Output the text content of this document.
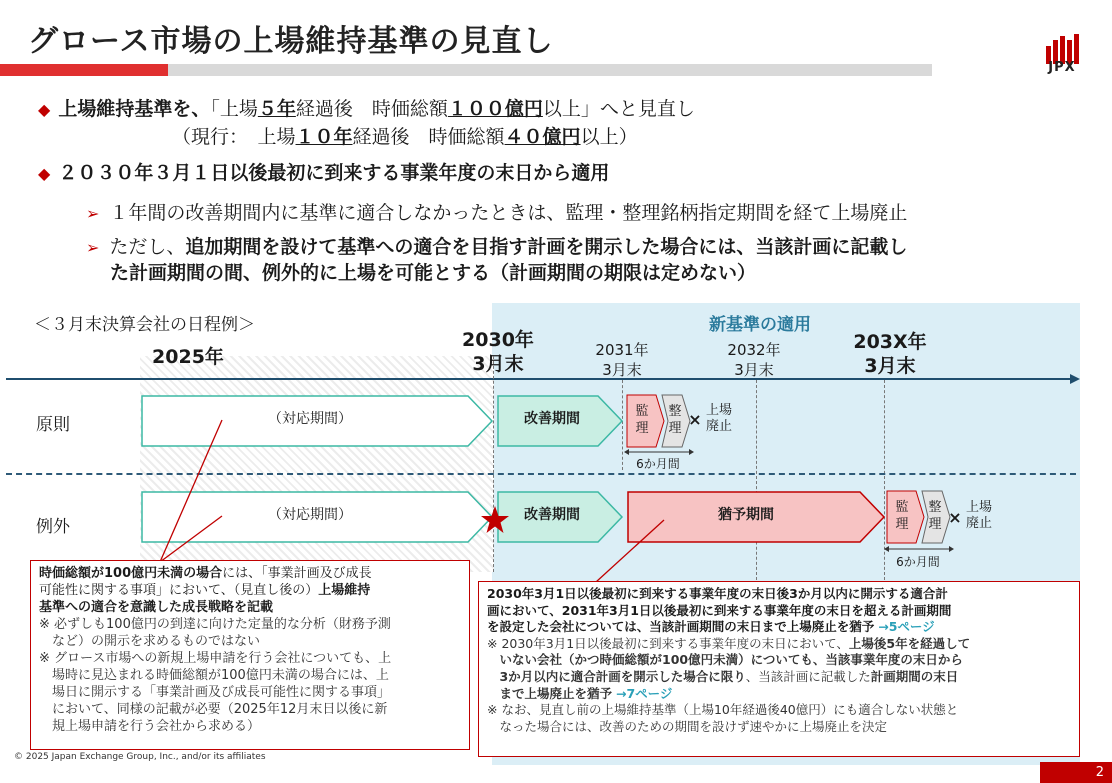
グロース市場の上場維持基準の見直し
JPX
◆ 上場維持基準を、「上場５年経過後　時価総額１００億円以上」へと見直し
（現行：　上場１０年経過後　時価総額４０億円以上）
◆ ２０３０年３月１日以後最初に到来する事業年度の末日から適用
➢ １年間の改善期間内に基準に適合しなかったときは、監理・整理銘柄指定期間を経て上場廃止
➢ ただし、追加期間を設けて基準への適合を目指す計画を開示した場合には、当該計画に記載し
た計画期間の間、例外的に上場を可能とする（計画期間の期限は定めない）
＜３月末決算会社の日程例＞	新基準の適用
2025年
2030年
3月末
2031年
3月末
2032年
3月末
203X年
3月末
原則	（対応期間）	改善期間	監
理
整
理 × 上場
廃止
6か月間
例外
（対応期間）	改善期間	猶予期間	監
理
整
理 ×
上場
廃止
6か月間
時価総額が100億円未満の場合には、「事業計画及び成長
可能性に関する事項」において、（見直し後の）上場維持
基準への適合を意識した成長戦略を記載
※ 必ずしも100億円の到達に向けた定量的な分析（財務予測
　など）の開示を求めるものではない
※ グロース市場への新規上場申請を行う会社についても、上
　場時に見込まれる時価総額が100億円未満の場合には、上
　場日に開示する「事業計画及び成長可能性に関する事項」
　において、同様の記載が必要（2025年12月末日以後に新
　規上場申請を行う会社から求める）
2030年3月1日以後最初に到来する事業年度の末日後3か月以内に開示する適合計
画において、2031年3月1日以後最初に到来する事業年度の末日を超える計画期間
を設定した会社については、当該計画期間の末日まで上場廃止を猶予 →5ページ
※ 2030年3月1日以後最初に到来する事業年度の末日において、上場後5年を経過して
　いない会社（かつ時価総額が100億円未満）についても、当該事業年度の末日から
　3か月以内に適合計画を開示した場合に限り、当該計画に記載した計画期間の末日
　まで上場廃止を猶予 →7ページ
※ なお、見直し前の上場維持基準（上場10年経過後40億円）にも適合しない状態と
　なった場合には、改善のための期間を設けず速やかに上場廃止を決定
© 2025 Japan Exchange Group, Inc., and/or its affiliates
2
